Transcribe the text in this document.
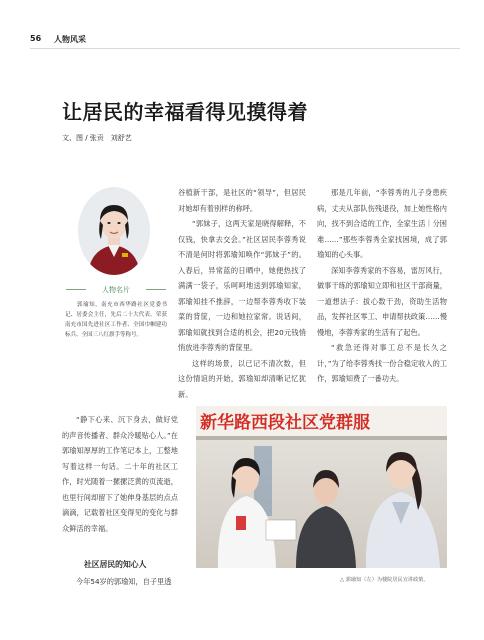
56 人物风采
让居民的幸福看得见摸得着
文、图 / 张贡　刘舒艺
人物名片
郭瑜知，南充市西华路社区党委书记、居委会主任，先后二十大代表。荣获南充市国先进社区工作者、全国巾帼建功标兵、全国三八红旗手等称号。

谷植新干部，是社区的“领导”，但居民对她却有着别样的称呼。

“郭妹子，这两天家是晓得解释，不仅钱，快拿去交会。”社区居民李蓉秀说不清是何时将郭瑜知唤作“郭妹子”的。入春后，异常蓝的日晒中，她便热找了满满一袋子，乐呵呵地送到郭瑜知家，郭瑜知挂不推辞，一边帮李蓉秀收下装菜的背筐，一边和她拉家常。说话间，郭瑜知就找到合适的机会，把20元钱悄悄放进李蓉秀的背筐里。

这样的场景，以已记不清次数，但这份情谊的开始，郭瑜知却清晰记忆犹新。

那是几年前，“李蓉秀的儿子身患疾病，丈夫从部队伤残退役，加上她性格内向，找不到合适的工作，全家生活｜分困难……”那些李蓉秀全家找困境，成了郭瑜知的心头事。

深知李蓉秀家的不容易，雷厉风行，做事干练的郭瑜知立即和社区干部商量，一道想法子：拔心数干劲，资助生活物品，发挥社区零工、申请帮扶政策……慢慢地，李蓉秀家的生活有了起色。

“救急还得对事工总不是长久之计，”为了给李蓉秀找一份合稳定收入的工作，郭瑜知费了一番功夫。

“静下心来、沉下身去，做好党的声音传播者、群众冷暖贴心人。”在郭瑜知厚厚的工作笔记本上，工整地写着这样一句话。二十年的社区工作，时光随着一摞摞泛黄的页流逝，也里行间却留下了她伸身基层的点点滴滴，记载着社区变得见的变化与群众鲜活的幸福。

社区居民的知心人

今年54岁的郭瑜知，自子里透

新华路西段社区党群服
△ 郭瑜知（左）为楼院居民宣讲政策。
